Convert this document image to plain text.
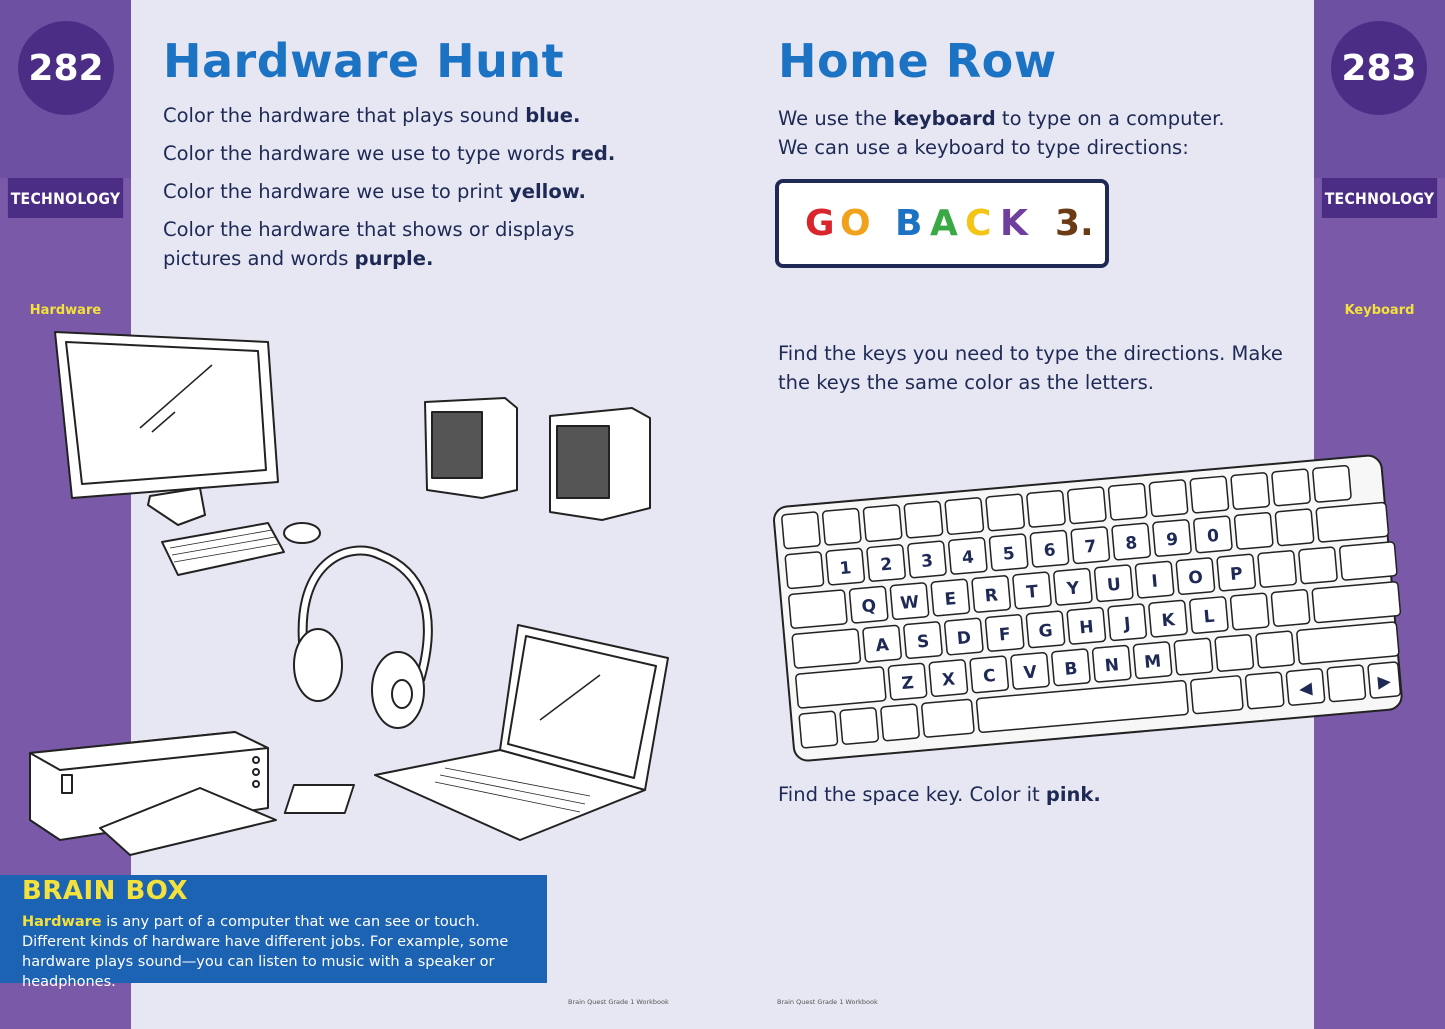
282
TECHNOLOGY
Hardware
283
TECHNOLOGY
Keyboard
Hardware Hunt
Color the hardware that plays sound blue.
Color the hardware we use to type words red.
Color the hardware we use to print yellow.
Color the hardware that shows or displays
pictures and words purple.
BRAIN BOX
Hardware is any part of a computer that we can see or touch. Different kinds of hardware have different jobs. For example, some hardware plays sound—you can listen to music with a speaker or headphones.
Brain Quest Grade 1 Workbook
Home Row
We use the keyboard to type on a computer.
We can use a keyboard to type directions:
G O B A C K 3.
Find the keys you need to type the directions. Make
the keys the same color as the letters.
1 2 3 4 5 6 7 8 9 0
Q W E R T Y U I O P
A S D F G H J K L
Z X C V B N M
◀	▶
Find the space key. Color it pink.
Brain Quest Grade 1 Workbook
